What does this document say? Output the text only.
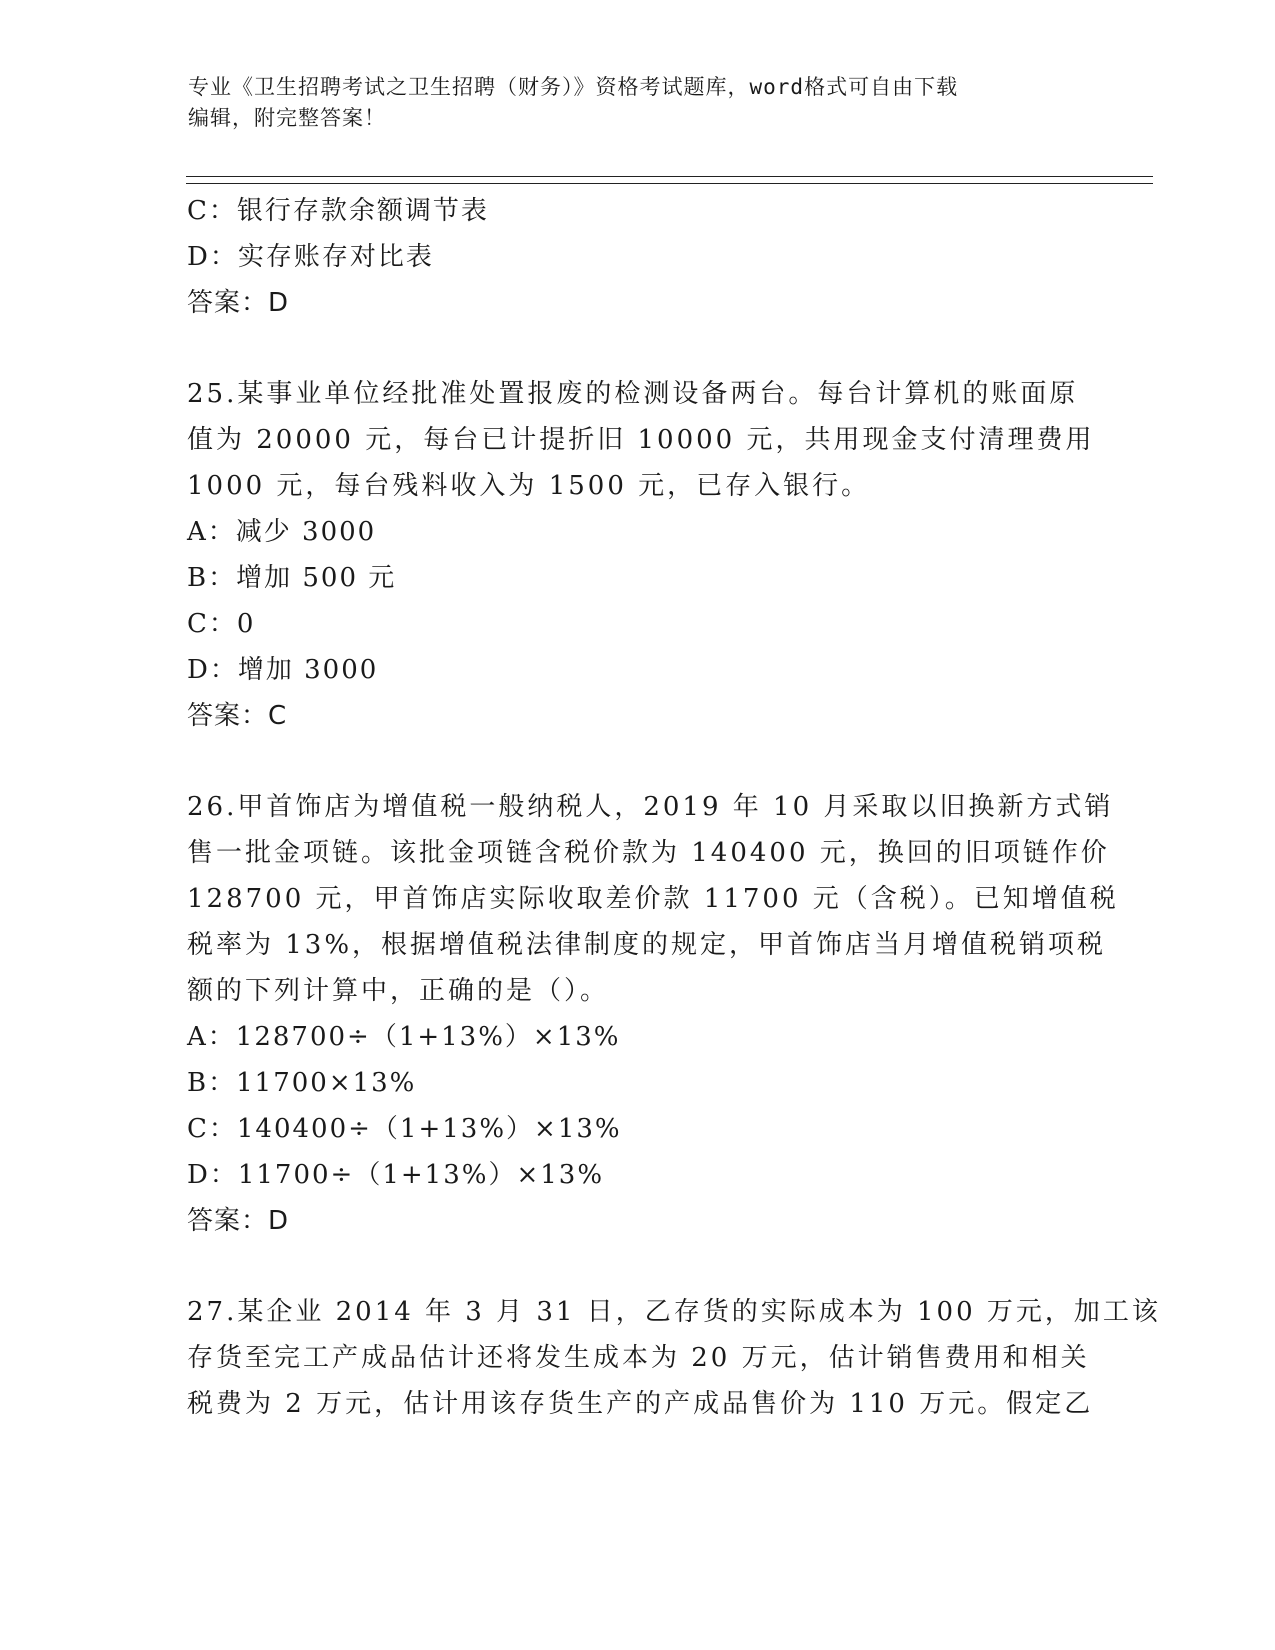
专业《卫生招聘考试之卫生招聘（财务）》资格考试题库，word格式可自由下载
编辑，附完整答案！
C：银行存款余额调节表
D：实存账存对比表
答案：D
25.某事业单位经批准处置报废的检测设备两台。每台计算机的账面原
值为 20000 元，每台已计提折旧 10000 元，共用现金支付清理费用
1000 元，每台残料收入为 1500 元，已存入银行。
A：减少 3000
B：增加 500 元
C：0
D：增加 3000
答案：C
26.甲首饰店为增值税一般纳税人，2019 年 10 月采取以旧换新方式销
售一批金项链。该批金项链含税价款为 140400 元，换回的旧项链作价
128700 元，甲首饰店实际收取差价款 11700 元（含税）。已知增值税
税率为 13%，根据增值税法律制度的规定，甲首饰店当月增值税销项税
额的下列计算中，正确的是（）。
A：128700÷（1+13%）×13%
B：11700×13%
C：140400÷（1+13%）×13%
D：11700÷（1+13%）×13%
答案：D
27.某企业 2014 年 3 月 31 日，乙存货的实际成本为 100 万元，加工该
存货至完工产成品估计还将发生成本为 20 万元，估计销售费用和相关
税费为 2 万元，估计用该存货生产的产成品售价为 110 万元。假定乙
